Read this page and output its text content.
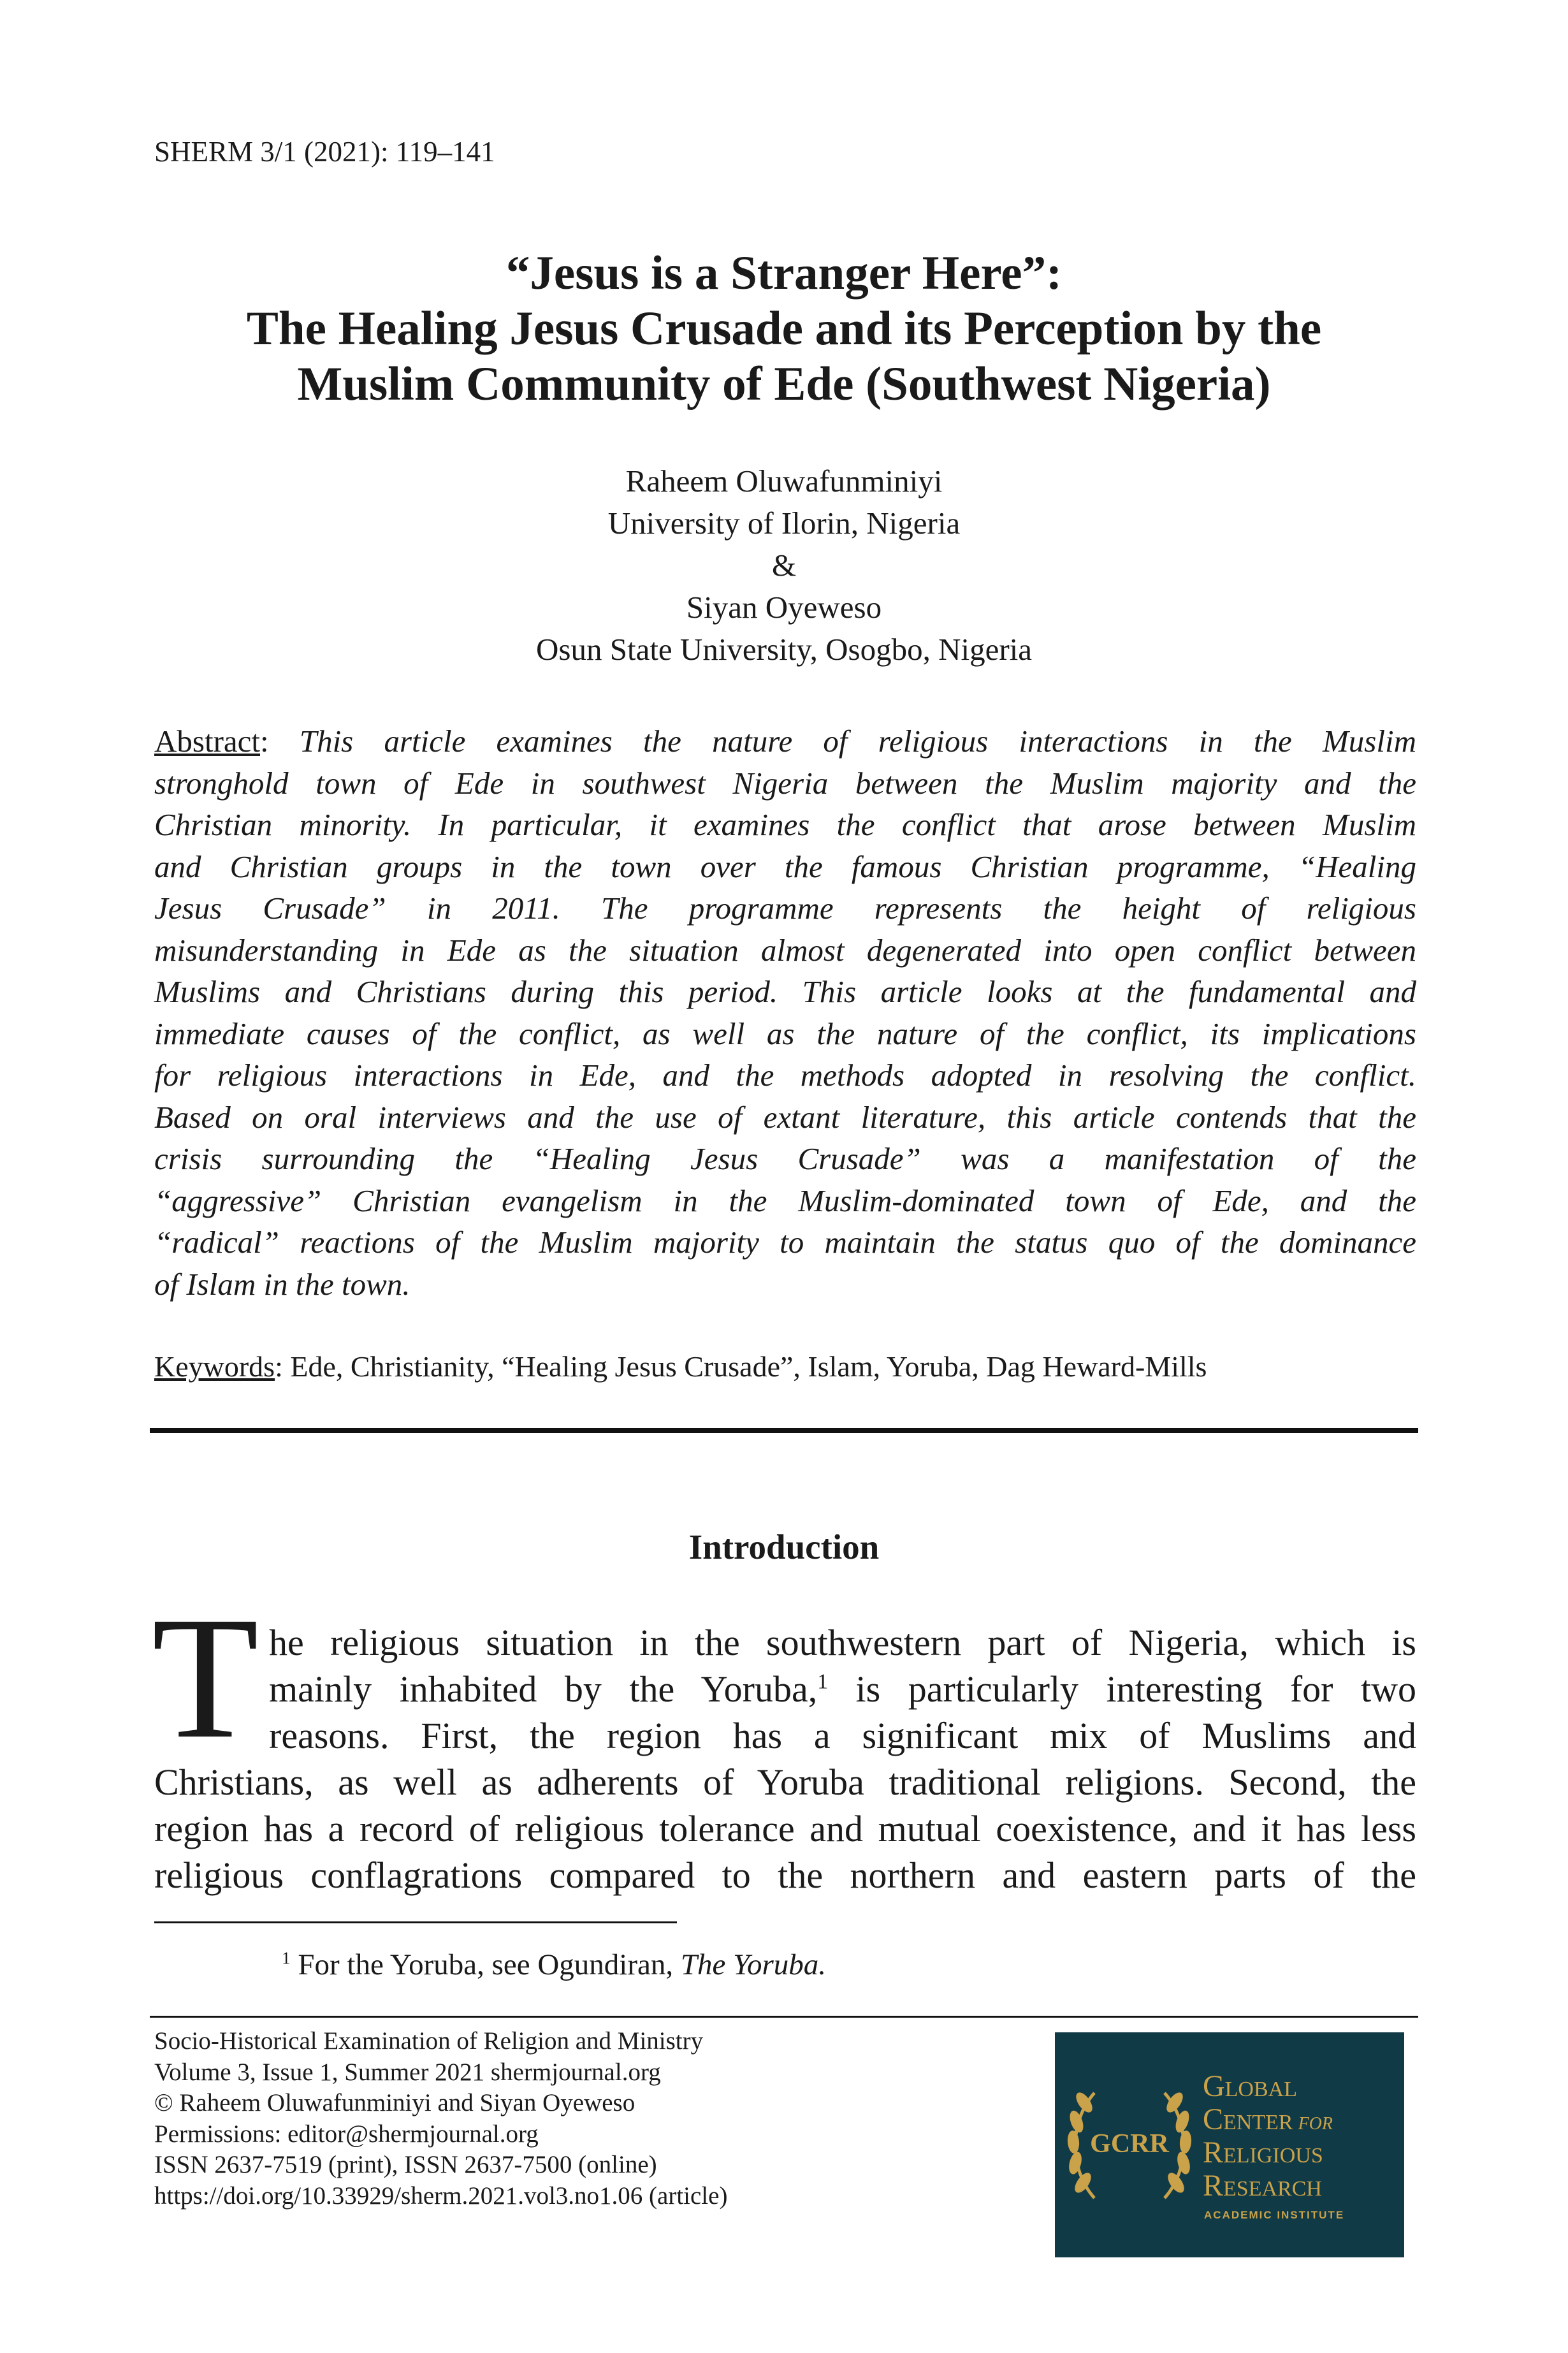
SHERM 3/1 (2021): 119–141
“Jesus is a Stranger Here”:
The Healing Jesus Crusade and its Perception by the
Muslim Community of Ede (Southwest Nigeria)
Raheem Oluwafunminiyi
University of Ilorin, Nigeria
&
Siyan Oyeweso
Osun State University, Osogbo, Nigeria
Abstract: This article examines the nature of religious interactions in the Muslim
stronghold town of Ede in southwest Nigeria between the Muslim majority and the
Christian minority. In particular, it examines the conflict that arose between Muslim
and Christian groups in the town over the famous Christian programme, “Healing
Jesus Crusade” in 2011. The programme represents the height of religious
misunderstanding in Ede as the situation almost degenerated into open conflict between
Muslims and Christians during this period. This article looks at the fundamental and
immediate causes of the conflict, as well as the nature of the conflict, its implications
for religious interactions in Ede, and the methods adopted in resolving the conflict.
Based on oral interviews and the use of extant literature, this article contends that the
crisis surrounding the “Healing Jesus Crusade” was a manifestation of the
“aggressive” Christian evangelism in the Muslim-dominated town of Ede, and the
“radical” reactions of the Muslim majority to maintain the status quo of the dominance
of Islam in the town.
Keywords: Ede, Christianity, “Healing Jesus Crusade”, Islam, Yoruba, Dag Heward-Mills
Introduction
T he religious situation in the southwestern part of Nigeria, which is
mainly inhabited by the Yoruba,$^1$ is particularly interesting for two
reasons. First, the region has a significant mix of Muslims and
Christians, as well as adherents of Yoruba traditional religions. Second, the
region has a record of religious tolerance and mutual coexistence, and it has less
religious conflagrations compared to the northern and eastern parts of the
$^1$ For the Yoruba, see Ogundiran, The Yoruba.
Socio-Historical Examination of Religion and Ministry
Volume 3, Issue 1, Summer 2021 shermjournal.org
© Raheem Oluwafunminiyi and Siyan Oyeweso
Permissions: editor@shermjournal.org
ISSN 2637-7519 (print), ISSN 2637-7500 (online)
https://doi.org/10.33929/sherm.2021.vol3.no1.06 (article)
GCRR
Global
Center for
Religious
Research
ACADEMIC INSTITUTE
